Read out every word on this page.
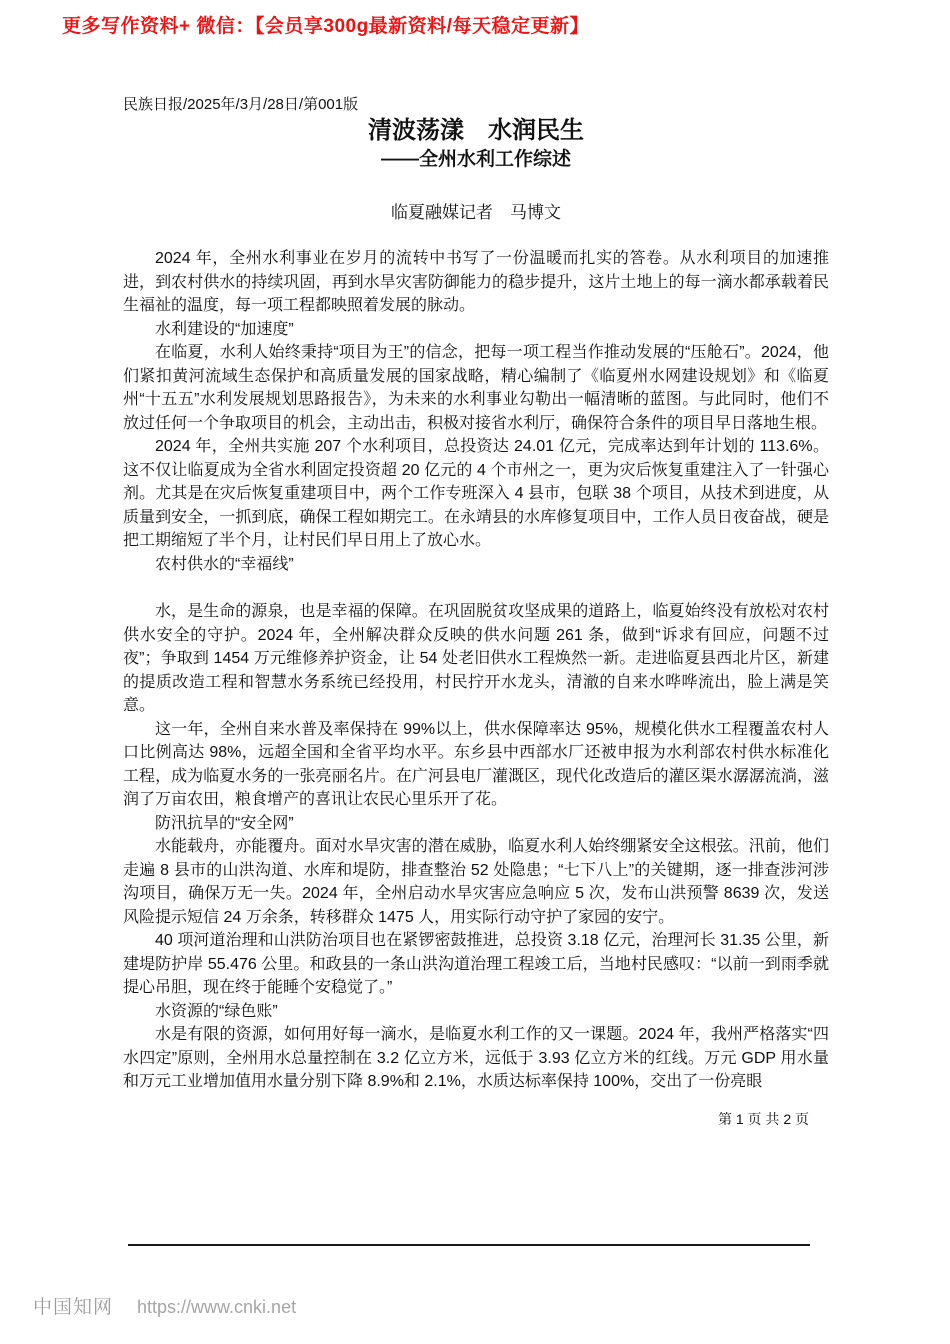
更多写作资料+ 微信：【会员享300g最新资料/每天稳定更新】

民族日报/2025年/3月/28日/第001版

清波荡漾　水润民生
——全州水利工作综述

临夏融媒记者　马博文

2024 年，全州水利事业在岁月的流转中书写了一份温暖而扎实的答卷。从水利项目的加速推进，到农村供水的持续巩固，再到水旱灾害防御能力的稳步提升，这片土地上的每一滴水都承载着民生福祉的温度，每一项工程都映照着发展的脉动。

水利建设的“加速度”

在临夏，水利人始终秉持“项目为王”的信念，把每一项工程当作推动发展的“压舱石”。2024，他们紧扣黄河流域生态保护和高质量发展的国家战略，精心编制了《临夏州水网建设规划》和《临夏州“十五五”水利发展规划思路报告》，为未来的水利事业勾勒出一幅清晰的蓝图。与此同时，他们不放过任何一个争取项目的机会，主动出击，积极对接省水利厅，确保符合条件的项目早日落地生根。

2024 年，全州共实施 207 个水利项目，总投资达 24.01 亿元，完成率达到年计划的 113.6%。这不仅让临夏成为全省水利固定投资超 20 亿元的 4 个市州之一，更为灾后恢复重建注入了一针强心剂。尤其是在灾后恢复重建项目中，两个工作专班深入 4 县市，包联 38 个项目，从技术到进度，从质量到安全，一抓到底，确保工程如期完工。在永靖县的水库修复项目中，工作人员日夜奋战，硬是把工期缩短了半个月，让村民们早日用上了放心水。

农村供水的“幸福线”

水，是生命的源泉，也是幸福的保障。在巩固脱贫攻坚成果的道路上，临夏始终没有放松对农村供水安全的守护。2024 年，全州解决群众反映的供水问题 261 条，做到“诉求有回应，问题不过夜”；争取到 1454 万元维修养护资金，让 54 处老旧供水工程焕然一新。走进临夏县西北片区，新建的提质改造工程和智慧水务系统已经投用，村民拧开水龙头，清澈的自来水哗哗流出，脸上满是笑意。

这一年，全州自来水普及率保持在 99%以上，供水保障率达 95%，规模化供水工程覆盖农村人口比例高达 98%，远超全国和全省平均水平。东乡县中西部水厂还被申报为水利部农村供水标准化工程，成为临夏水务的一张亮丽名片。在广河县电厂灌溉区，现代化改造后的灌区渠水潺潺流淌，滋润了万亩农田，粮食增产的喜讯让农民心里乐开了花。

防汛抗旱的“安全网”

水能载舟，亦能覆舟。面对水旱灾害的潜在威胁，临夏水利人始终绷紧安全这根弦。汛前，他们走遍 8 县市的山洪沟道、水库和堤防，排查整治 52 处隐患；“七下八上”的关键期，逐一排查涉河涉沟项目，确保万无一失。2024 年，全州启动水旱灾害应急响应 5 次，发布山洪预警 8639 次，发送风险提示短信 24 万余条，转移群众 1475 人，用实际行动守护了家园的安宁。

40 项河道治理和山洪防治项目也在紧锣密鼓推进，总投资 3.18 亿元，治理河长 31.35 公里，新建堤防护岸 55.476 公里。和政县的一条山洪沟道治理工程竣工后，当地村民感叹：“以前一到雨季就提心吊胆，现在终于能睡个安稳觉了。”

水资源的“绿色账”

水是有限的资源，如何用好每一滴水，是临夏水利工作的又一课题。2024 年，我州严格落实“四水四定”原则，全州用水总量控制在 3.2 亿立方米，远低于 3.93 亿立方米的红线。万元 GDP 用水量和万元工业增加值用水量分别下降 8.9%和 2.1%，水质达标率保持 100%，交出了一份亮眼

第 1 页 共 2 页

中国知网 https://www.cnki.net
